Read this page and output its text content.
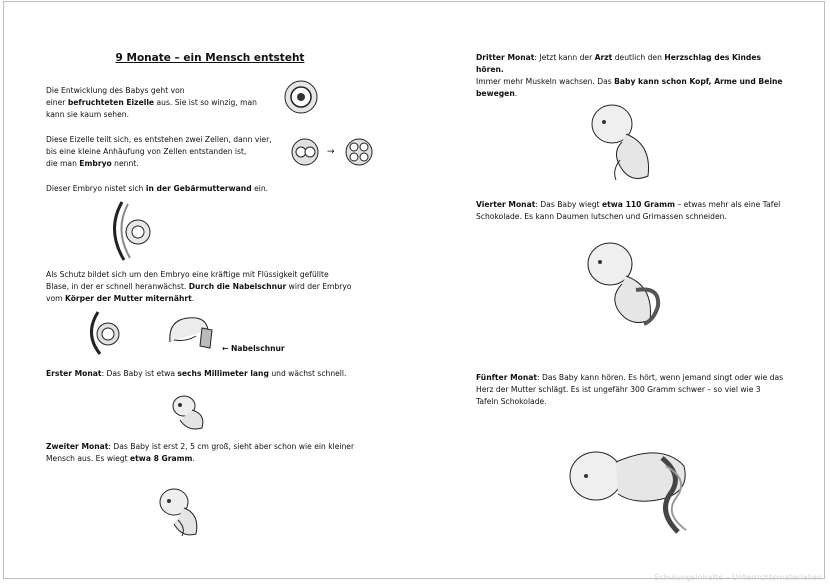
9 Monate – ein Mensch entsteht
Die Entwicklung des Babys geht von
einer befruchteten Eizelle aus. Sie ist so winzig, man
kann sie kaum sehen.
Diese Eizelle teilt sich, es entstehen zwei Zellen, dann vier,
bis eine kleine Anhäufung von Zellen entstanden ist,
die man Embryo nennt.
Dieser Embryo nistet sich in der Gebärmutterwand ein.
Als Schutz bildet sich um den Embryo eine kräftige mit Flüssigkeit gefüllte
Blase, in der er schnell heranwächst. Durch die Nabelschnur wird der Embryo
vom Körper der Mutter miternährt.
← Nabelschnur
Erster Monat: Das Baby ist etwa sechs Millimeter lang und wächst schnell.
Zweiter Monat: Das Baby ist erst 2, 5 cm groß, sieht aber schon wie ein kleiner
Mensch aus. Es wiegt etwa 8 Gramm.
Dritter Monat: Jetzt kann der Arzt deutlich den Herzschlag des Kindes
hören.
Immer mehr Muskeln wachsen. Das Baby kann schon Kopf, Arme und Beine
bewegen.
Vierter Monat: Das Baby wiegt etwa 110 Gramm – etwas mehr als eine Tafel
Schokolade. Es kann Daumen lutschen und Grimassen schneiden.
Fünfter Monat: Das Baby kann hören. Es hört, wenn jemand singt oder wie das
Herz der Mutter schlägt. Es ist ungefähr 300 Gramm schwer – so viel wie 3
Tafeln Schokolade.
→
Schulungsinhalte – Unterrichtsmaterialien
